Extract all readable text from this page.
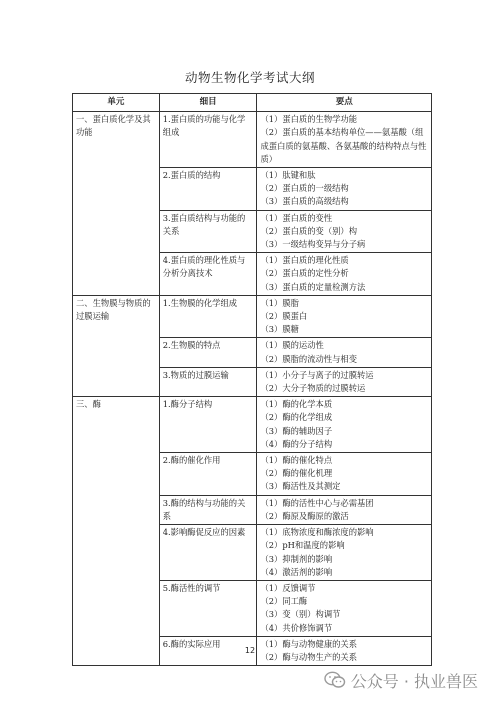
动物生物化学考试大纲
单元	细目	要点
一、蛋白质化学及其功能	1.蛋白质的功能与化学组成	（1）蛋白质的生物学功能
（2）蛋白质的基本结构单位——氨基酸（组成蛋白质的氨基酸、各氨基酸的结构特点与性质）

	2.蛋白质的结构	（1）肽键和肽
（2）蛋白质的一级结构
（3）蛋白质的高级结构

	3.蛋白质结构与功能的关系	（1）蛋白质的变性
（2）蛋白质的变（别）构
（3）一级结构变异与分子病

	4.蛋白质的理化性质与分析分离技术	（1）蛋白质的理化性质
（2）蛋白质的定性分析
（3）蛋白质的定量检测方法

二、生物膜与物质的过膜运输	1.生物膜的化学组成	（1）膜脂
（2）膜蛋白
（3）膜糖

	2.生物膜的特点	（1）膜的运动性
（2）膜脂的流动性与相变

	3.物质的过膜运输	（1）小分子与离子的过膜转运
（2）大分子物质的过膜转运

三、酶	1.酶分子结构	（1）酶的化学本质
（2）酶的化学组成
（3）酶的辅助因子
（4）酶的分子结构

	2.酶的催化作用	（1）酶的催化特点
（2）酶的催化机理
（3）酶活性及其测定

	3.酶的结构与功能的关系	（1）酶的活性中心与必需基团
（2）酶原及酶原的激活

	4.影响酶促反应的因素	（1）底物浓度和酶浓度的影响
（2）pH和温度的影响
（3）抑制剂的影响
（4）激活剂的影响

	5.酶活性的调节	（1）反馈调节
（2）同工酶
（3）变（别）构调节
（4）共价修饰调节

	6.酶的实际应用	（1）酶与动物健康的关系
（2）酶与动物生产的关系
12
公众号 · 执业兽医
